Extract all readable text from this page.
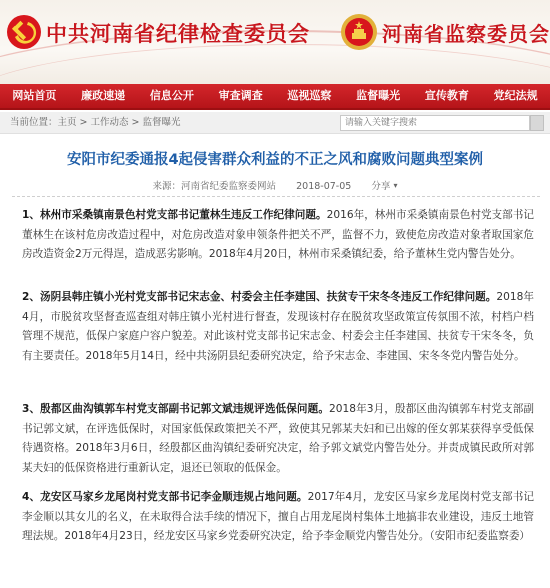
中共河南省纪律检查委员会	河南省监察委员会
网站首页	廉政速递	信息公开	审查调查	巡视巡察	监督曝光	宣传教育	党纪法规
当前位置：主页 > 工作动态 > 监督曝光
请输入关键字搜索
安阳市纪委通报4起侵害群众利益的不正之风和腐败问题典型案例
来源：河南省纪委监察委网站 2018-07-05 分享 ▾
1、林州市采桑镇南景色村党支部书记董林生违反工作纪律问题。2016年，林州市采桑镇南景色村党支部书记董林生在该村危房改造过程中，对危房改造对象申领条件把关不严，监督不力，致使危房改造对象者取国家危房改造资金2万元得逞，造成恶劣影响。2018年4月20日，林州市采桑镇纪委，给予董林生党内警告处分。
2、汤阴县韩庄镇小光村党支部书记宋志金、村委会主任李建国、扶贫专干宋冬冬违反工作纪律问题。2018年4月，市脱贫攻坚督查巡查组对韩庄镇小光村进行督查，发现该村存在脱贫攻坚政策宣传氛围不浓，村档户档管理不规范，低保户家庭户容户貌差。对此该村党支部书记宋志金、村委会主任李建国、扶贫专干宋冬冬，负有主要责任。2018年5月14日，经中共汤阴县纪委研究决定，给予宋志金、李建国、宋冬冬党内警告处分。
3、殷都区曲沟镇郭车村党支部副书记郭文斌违规评选低保问题。2018年3月，殷都区曲沟镇郭车村党支部副书记郭文斌，在评选低保时，对国家低保政策把关不严，致使其兄郭某夫妇和已出嫁的侄女郭某获得享受低保待遇资格。2018年3月6日，经殷都区曲沟镇纪委研究决定，给予郭文斌党内警告处分。并责成镇民政所对郭某夫妇的低保资格进行重新认定，退还已领取的低保金。
4、龙安区马家乡龙尾岗村党支部书记李金顺违规占地问题。2017年4月，龙安区马家乡龙尾岗村党支部书记李金顺以其女儿的名义，在未取得合法手续的情况下，擅自占用龙尾岗村集体土地搞非农业建设，违反土地管理法规。2018年4月23日，经龙安区马家乡党委研究决定，给予李金顺党内警告处分。（安阳市纪委监察委）
